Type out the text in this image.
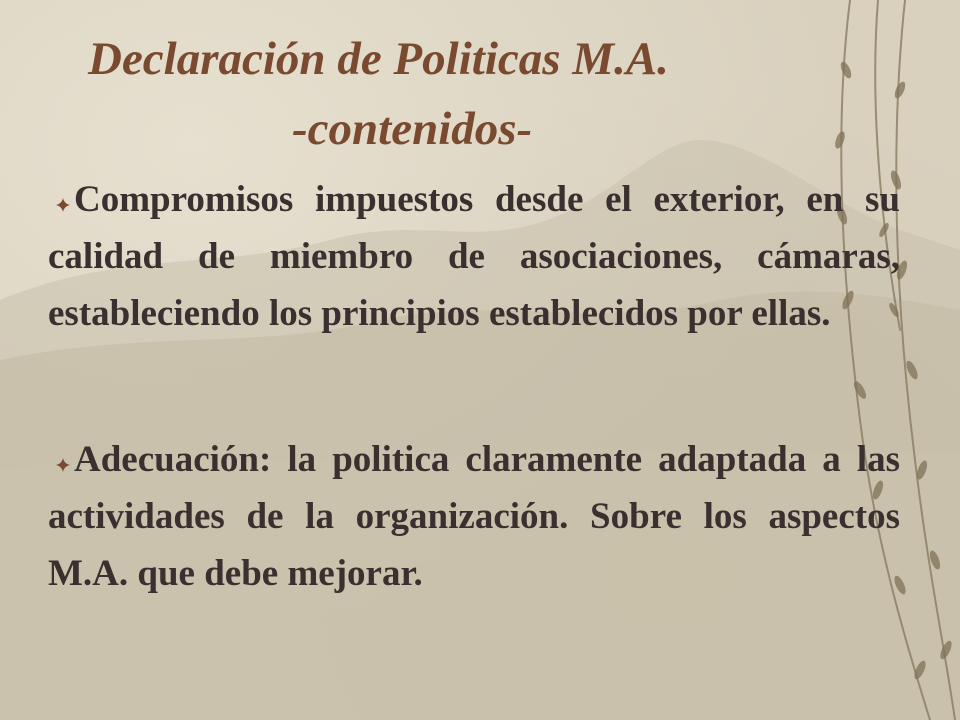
Declaración de Politicas M.A.
-contenidos-

Compromisos impuestos desde el exterior, en su calidad de miembro de asociaciones, cámaras, estableciendo los principios establecidos por ellas.

Adecuación: la politica claramente adaptada a las actividades de la organización. Sobre los aspectos M.A. que debe mejorar.
